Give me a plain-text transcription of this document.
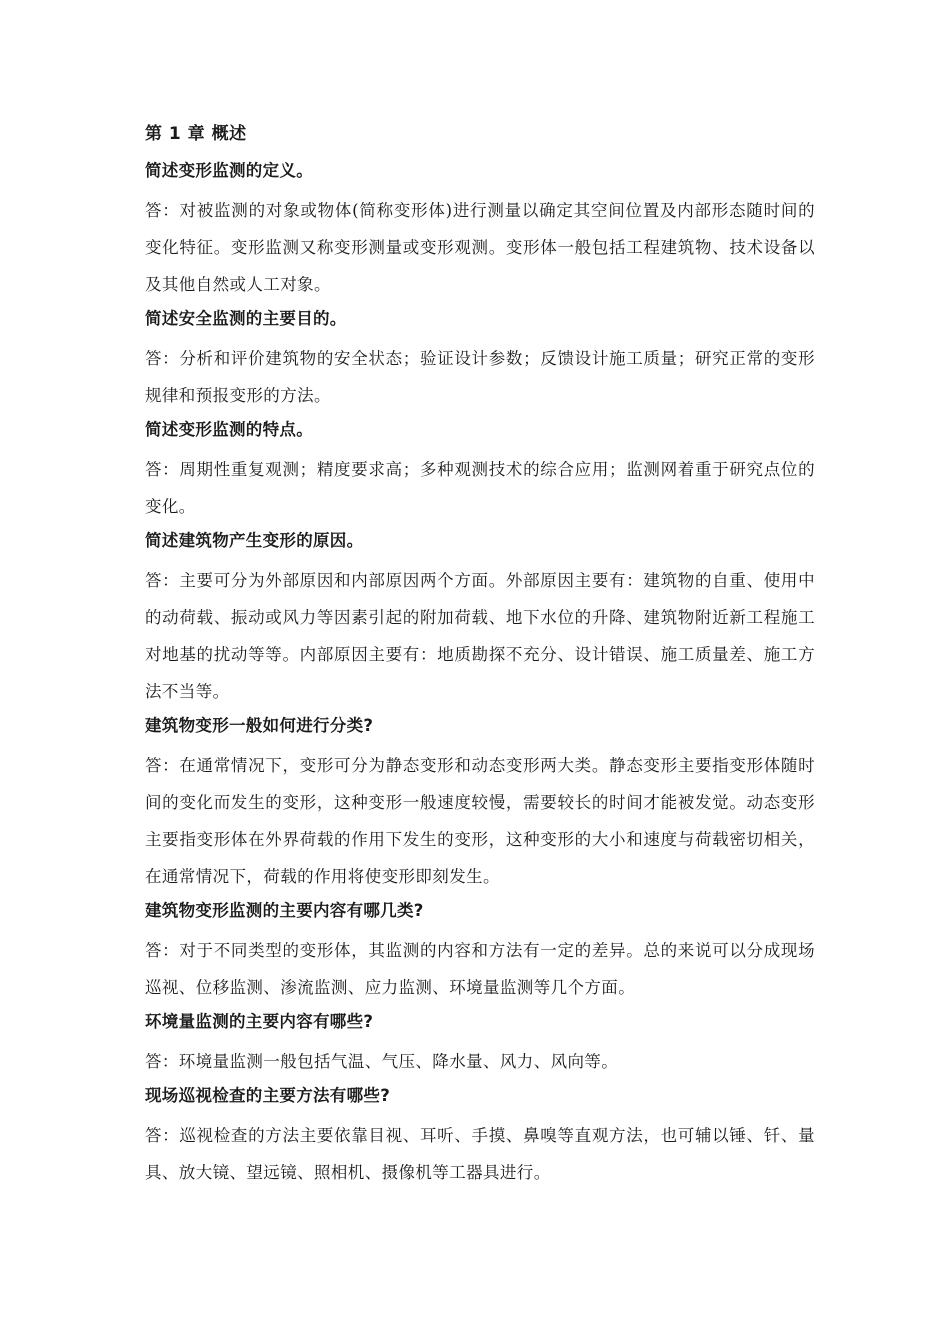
第 1 章 概述
简述变形监测的定义。

答：对被监测的对象或物体(简称变形体)进行测量以确定其空间位置及内部形态随时间的变化特征。变形监测又称变形测量或变形观测。变形体一般包括工程建筑物、技术设备以及其他自然或人工对象。

简述安全监测的主要目的。

答：分析和评价建筑物的安全状态；验证设计参数；反馈设计施工质量；研究正常的变形规律和预报变形的方法。

简述变形监测的特点。

答：周期性重复观测；精度要求高；多种观测技术的综合应用；监测网着重于研究点位的变化。

简述建筑物产生变形的原因。

答：主要可分为外部原因和内部原因两个方面。外部原因主要有：建筑物的自重、使用中的动荷载、振动或风力等因素引起的附加荷载、地下水位的升降、建筑物附近新工程施工对地基的扰动等等。内部原因主要有：地质勘探不充分、设计错误、施工质量差、施工方法不当等。

建筑物变形一般如何进行分类?

答：在通常情况下，变形可分为静态变形和动态变形两大类。静态变形主要指变形体随时间的变化而发生的变形，这种变形一般速度较慢，需要较长的时间才能被发觉。动态变形主要指变形体在外界荷载的作用下发生的变形，这种变形的大小和速度与荷载密切相关，在通常情况下，荷载的作用将使变形即刻发生。

建筑物变形监测的主要内容有哪几类?

答：对于不同类型的变形体，其监测的内容和方法有一定的差异。总的来说可以分成现场巡视、位移监测、渗流监测、应力监测、环境量监测等几个方面。

环境量监测的主要内容有哪些?

答：环境量监测一般包括气温、气压、降水量、风力、风向等。

现场巡视检查的主要方法有哪些?

答：巡视检查的方法主要依靠目视、耳听、手摸、鼻嗅等直观方法，也可辅以锤、钎、量具、放大镜、望远镜、照相机、摄像机等工器具进行。
